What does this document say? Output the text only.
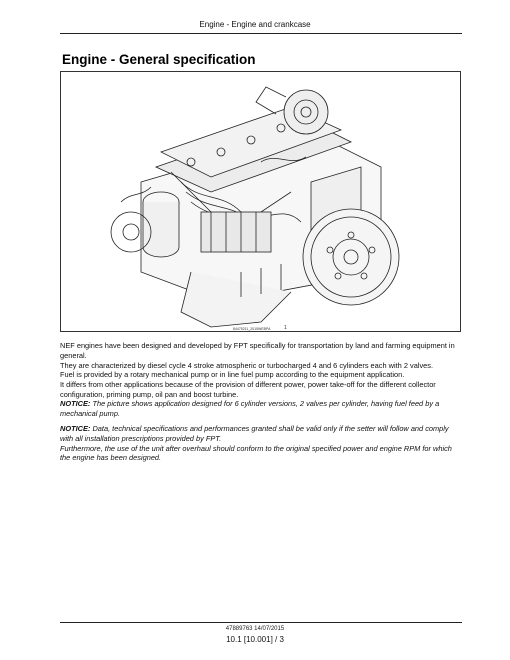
Engine - Engine and crankcase
Engine - General specification
84475211_2015WEBPA	1

NEF engines have been designed and developed by FPT specifically for transportation by land and farming equipment in general.

They are characterized by diesel cycle 4 stroke atmospheric or turbocharged 4 and 6 cylinders each with 2 valves.

Fuel is provided by a rotary mechanical pump or in line fuel pump according to the equipment application.

It differs from other applications because of the provision of different power, power take-off for the different collector configuration, priming pump, oil pan and boost turbine.

NOTICE: The picture shows application designed for 6 cylinder versions, 2 valves per cylinder, having fuel feed by a mechanical pump.

NOTICE: Data, technical specifications and performances granted shall be valid only if the setter will follow and comply with all installation prescriptions provided by FPT.

Furthermore, the use of the unit after overhaul should conform to the original specified power and engine RPM for which the engine has been designed.

47889763 14/07/2015
10.1 [10.001] / 3
